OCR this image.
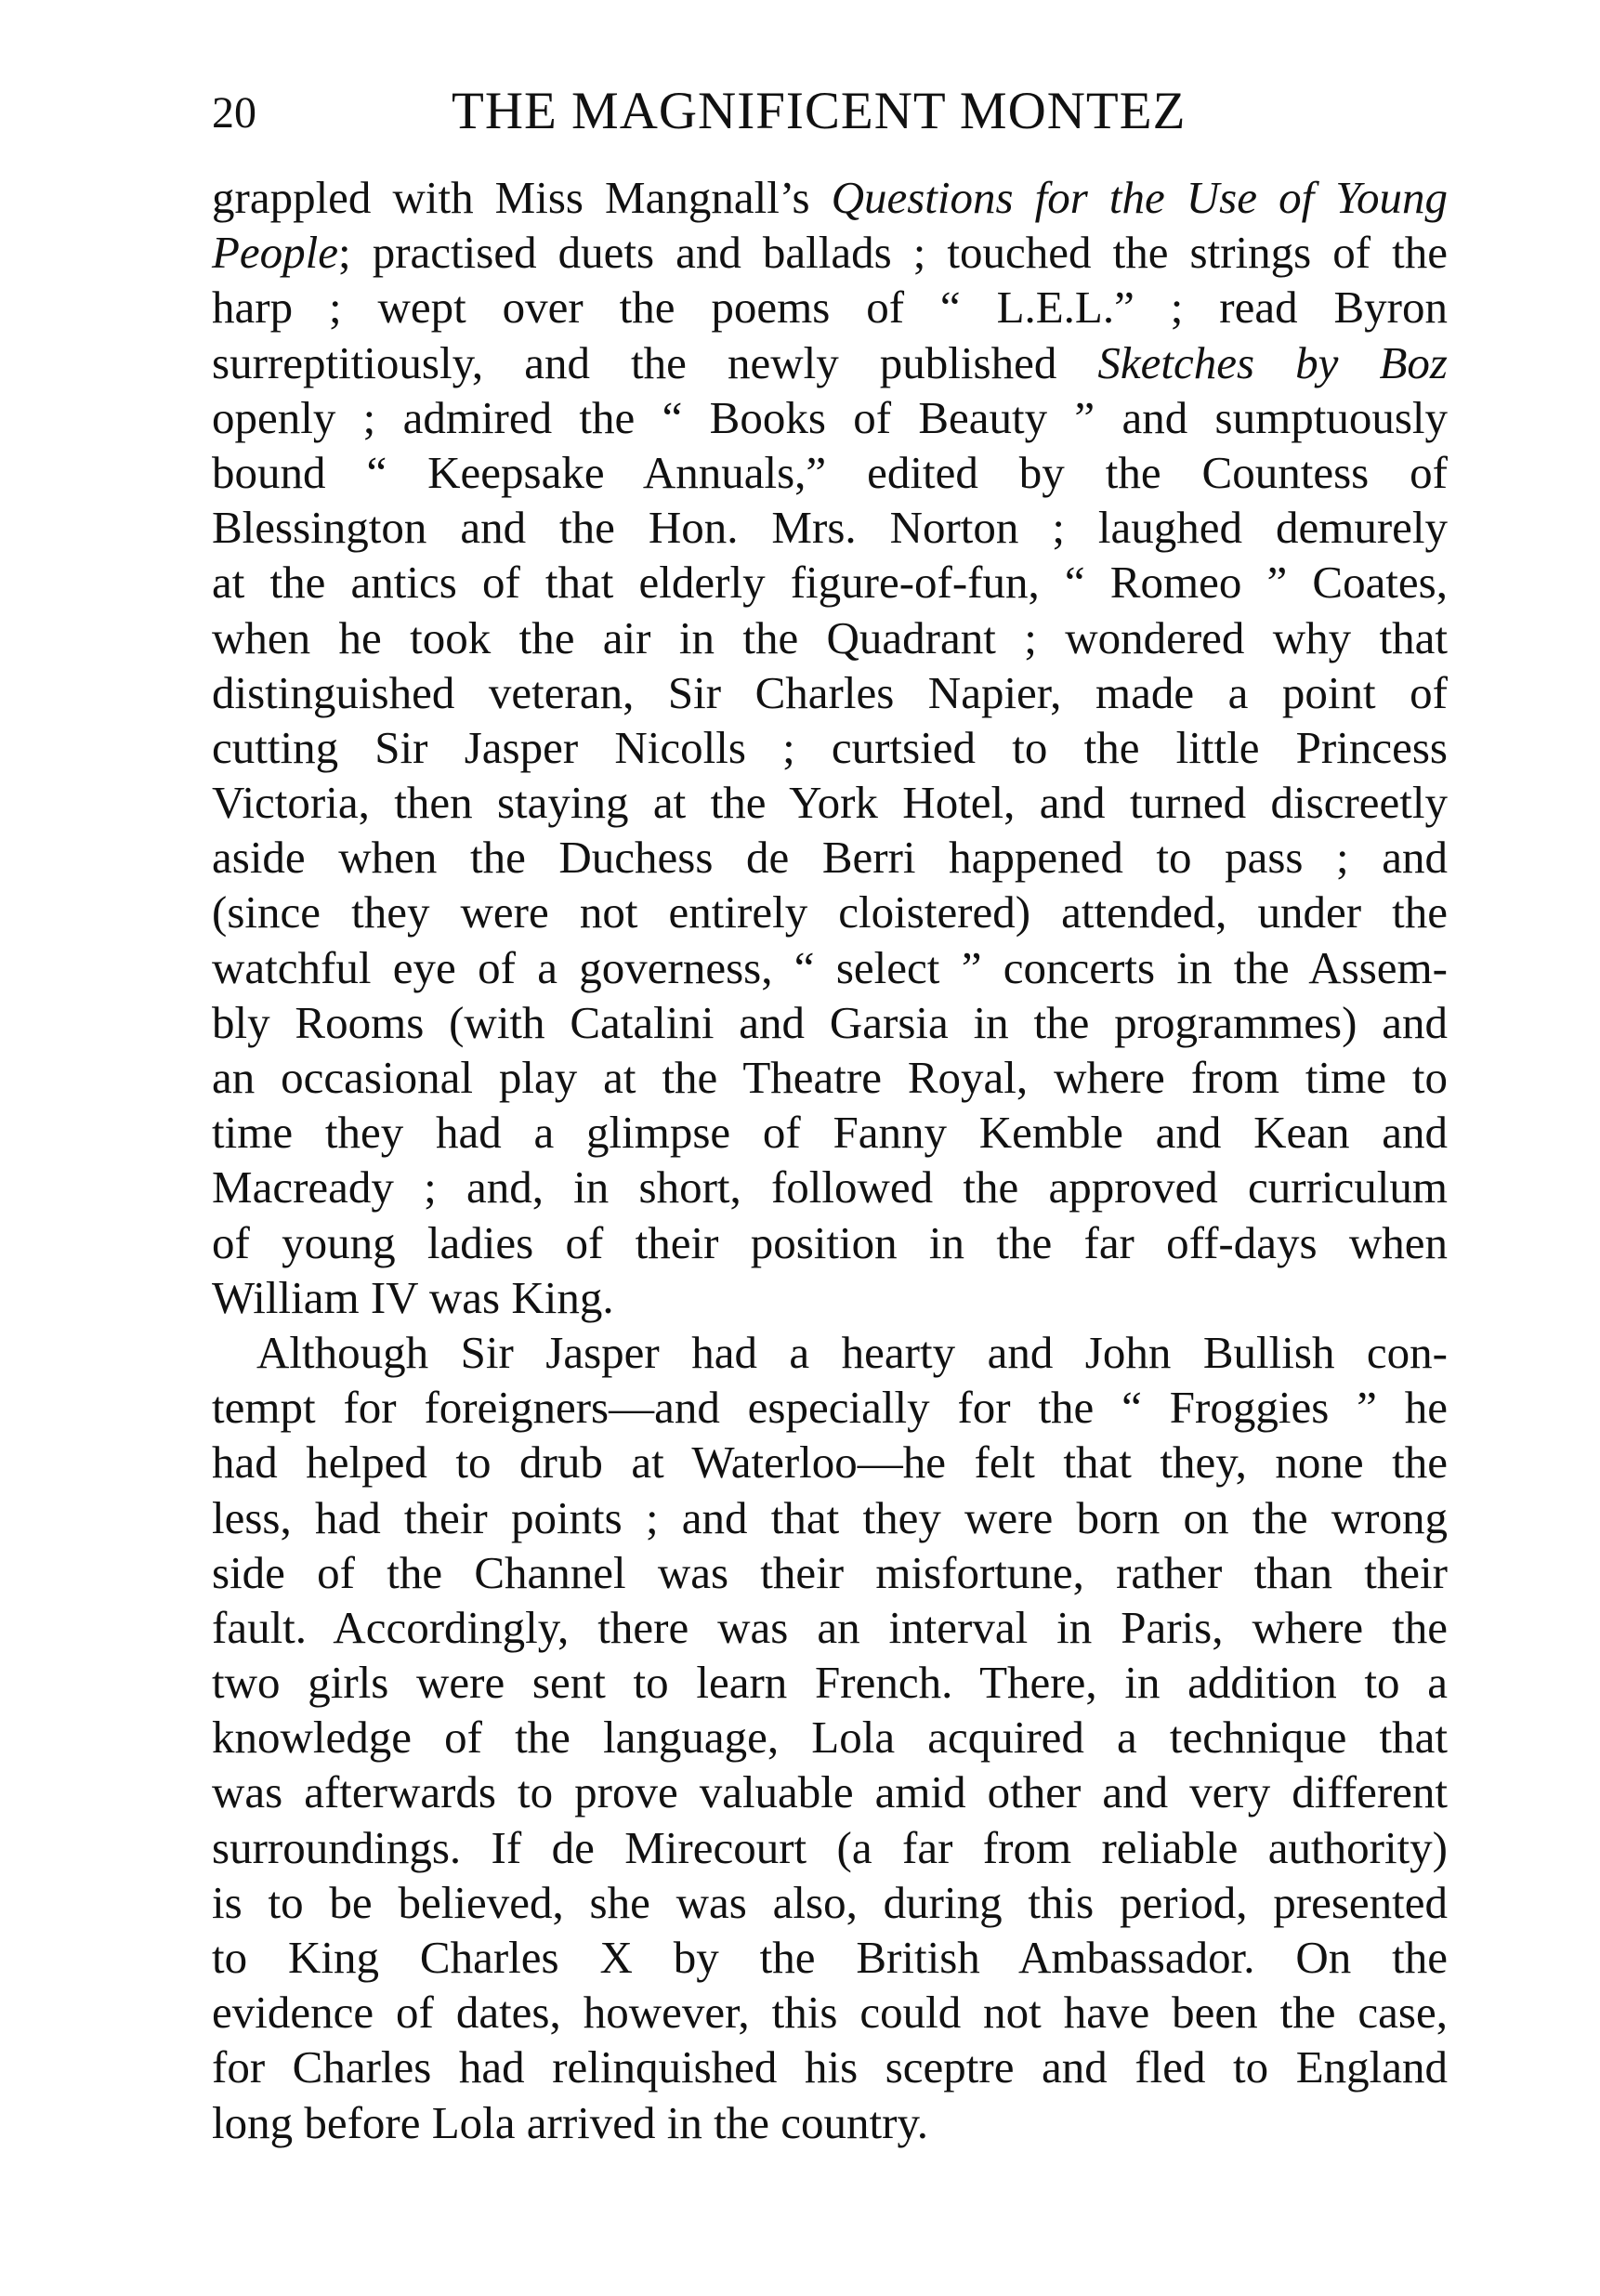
20	THE MAGNIFICENT MONTEZ
grappled with Miss Mangnall’s Questions for the Use of Young
People; practised duets and ballads ; touched the strings of the
harp ; wept over the poems of “ L.E.L.” ; read Byron
surreptitiously, and the newly published Sketches by Boz
openly ; admired the “ Books of Beauty ” and sumptuously
bound “ Keepsake Annuals,” edited by the Countess of
Blessington and the Hon. Mrs. Norton ; laughed demurely
at the antics of that elderly figure-of-fun, “ Romeo ” Coates,
when he took the air in the Quadrant ; wondered why that
distinguished veteran, Sir Charles Napier, made a point of
cutting Sir Jasper Nicolls ; curtsied to the little Princess
Victoria, then staying at the York Hotel, and turned discreetly
aside when the Duchess de Berri happened to pass ; and
(since they were not entirely cloistered) attended, under the
watchful eye of a governess, “ select ” concerts in the Assem-
bly Rooms (with Catalini and Garsia in the programmes) and
an occasional play at the Theatre Royal, where from time to
time they had a glimpse of Fanny Kemble and Kean and
Macready ; and, in short, followed the approved curriculum
of young ladies of their position in the far off-days when
William IV was King.
Although Sir Jasper had a hearty and John Bullish con-
tempt for foreigners—and especially for the “ Froggies ” he
had helped to drub at Waterloo—he felt that they, none the
less, had their points ; and that they were born on the wrong
side of the Channel was their misfortune, rather than their
fault. Accordingly, there was an interval in Paris, where the
two girls were sent to learn French. There, in addition to a
knowledge of the language, Lola acquired a technique that
was afterwards to prove valuable amid other and very different
surroundings. If de Mirecourt (a far from reliable authority)
is to be believed, she was also, during this period, presented
to King Charles X by the British Ambassador. On the
evidence of dates, however, this could not have been the case,
for Charles had relinquished his sceptre and fled to England
long before Lola arrived in the country.
